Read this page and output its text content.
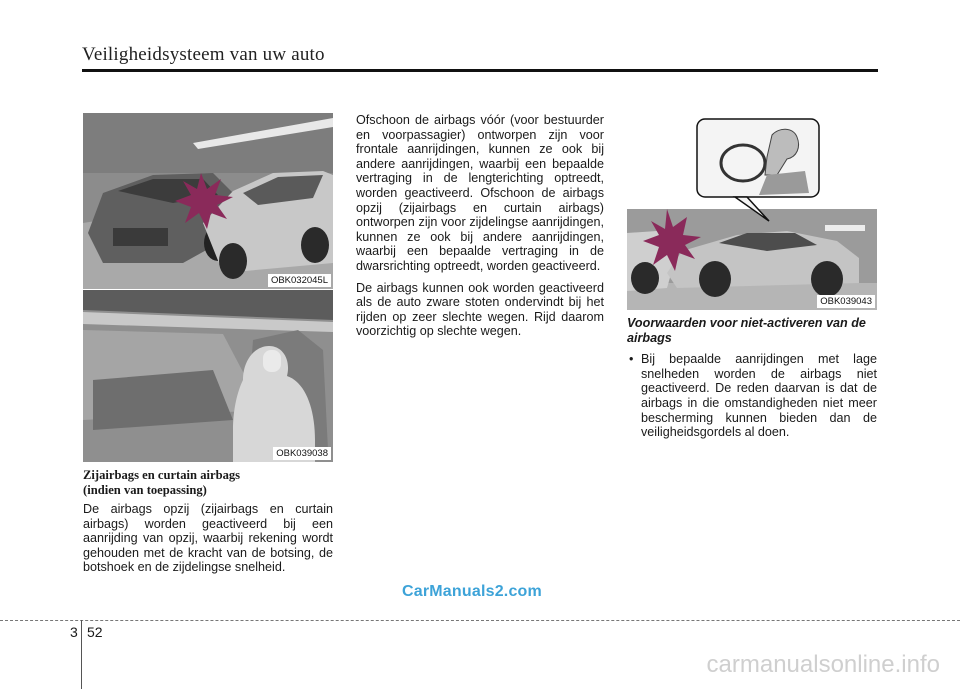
Veiligheidsysteem van uw auto
OBK032045L
OBK039038
Zijairbags en curtain airbags
(indien van toepassing)

De airbags opzij (zijairbags en curtain airbags) worden geactiveerd bij een aanrijding van opzij, waarbij rekening wordt gehouden met de kracht van de botsing, de botshoek en de zijdelingse snelheid.

Ofschoon de airbags vóór (voor bestuurder en voorpassagier) ontworpen zijn voor frontale aanrijdingen, kunnen ze ook bij andere aanrijdingen, waarbij een bepaalde vertraging in de lengterichting optreedt, worden geactiveerd. Ofschoon de airbags opzij (zijairbags en curtain airbags) ontworpen zijn voor zijdelingse aanrijdingen, kunnen ze ook bij andere aanrijdingen, waarbij een bepaalde vertraging in de dwarsrichting optreedt, worden geactiveerd.

De airbags kunnen ook worden geactiveerd als de auto zware stoten ondervindt bij het rijden op zeer slechte wegen. Rijd daarom voorzichtig op slechte wegen.

OBK039043

Voorwaarden voor niet-activeren van de airbags

• Bij bepaalde aanrijdingen met lage snelheden worden de airbags niet geactiveerd. De reden daarvan is dat de airbags in die omstandigheden niet meer bescherming kunnen bieden dan de veiligheidsgordels al doen.

CarManuals2.com
3 52
carmanualsonline.info
